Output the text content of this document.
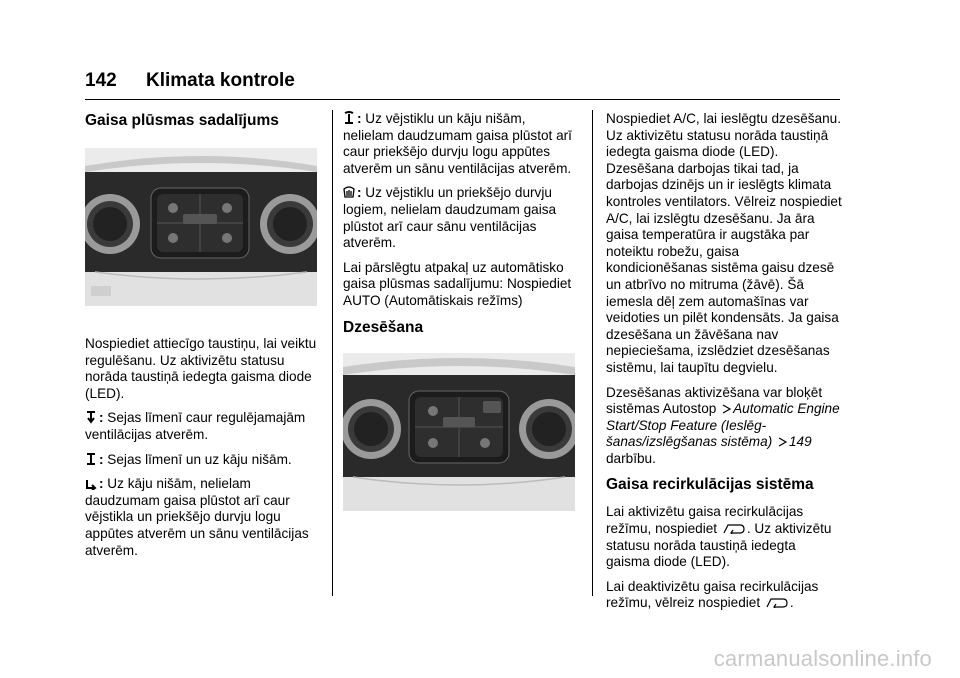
142 Klimata kontrole
Gaisa plūsmas sadalījums

Nospiediet attiecīgo taustiņu, lai veiktu regulēšanu. Uz aktivizētu statusu norāda taustiņā iedegta gaisma diode (LED).

: Sejas līmenī caur regulējamajām ventilācijas atverēm.

: Sejas līmenī un uz kāju nišām.

: Uz kāju nišām, nelielam daudzumam gaisa plūstot arī caur vējstikla un priekšējo durvju logu appūtes atverēm un sānu ventilācijas atverēm.

: Uz vējstiklu un kāju nišām, nelielam daudzumam gaisa plūstot arī caur priekšējo durvju logu appūtes atverēm un sānu ventilācijas atverēm.

: Uz vējstiklu un priekšējo durvju logiem, nelielam daudzumam gaisa plūstot arī caur sānu ventilācijas atverēm.

Lai pārslēgtu atpakaļ uz automātisko gaisa plūsmas sadalījumu: Nospiediet AUTO (Automātiskais režīms)

Dzesēšana

Nospiediet A/C, lai ieslēgtu dzesēšanu. Uz aktivizētu statusu norāda taustiņā iedegta gaisma diode (LED). Dzesēšana darbojas tikai tad, ja darbojas dzinējs un ir ieslēgts klimata kontroles ventilators. Vēlreiz nospiediet A/C, lai izslēgtu dzesēšanu. Ja āra gaisa temperatūra ir augstāka par noteiktu robežu, gaisa kondicionēšanas sistēma gaisu dzesē un atbrīvo no mitruma (žāvē). Šā iemesla dēļ zem automašīnas var veidoties un pilēt kondensāts. Ja gaisa dzesēšana un žāvēšana nav nepieciešama, izslēdziet dzesēšanas sistēmu, lai taupītu degvielu.

Dzesēšanas aktivizēšana var bloķēt sistēmas Autostop Automatic Engine Start/Stop Feature (Ieslēgšanas/izslēgšanas sistēma) 149 darbību.

Gaisa recirkulācijas sistēma

Lai aktivizētu gaisa recirkulācijas režīmu, nospiediet . Uz aktivizētu statusu norāda taustiņā iedegta gaisma diode (LED).

Lai deaktivizētu gaisa recirkulācijas režīmu, vēlreiz nospiediet .

carmanualsonline.info
